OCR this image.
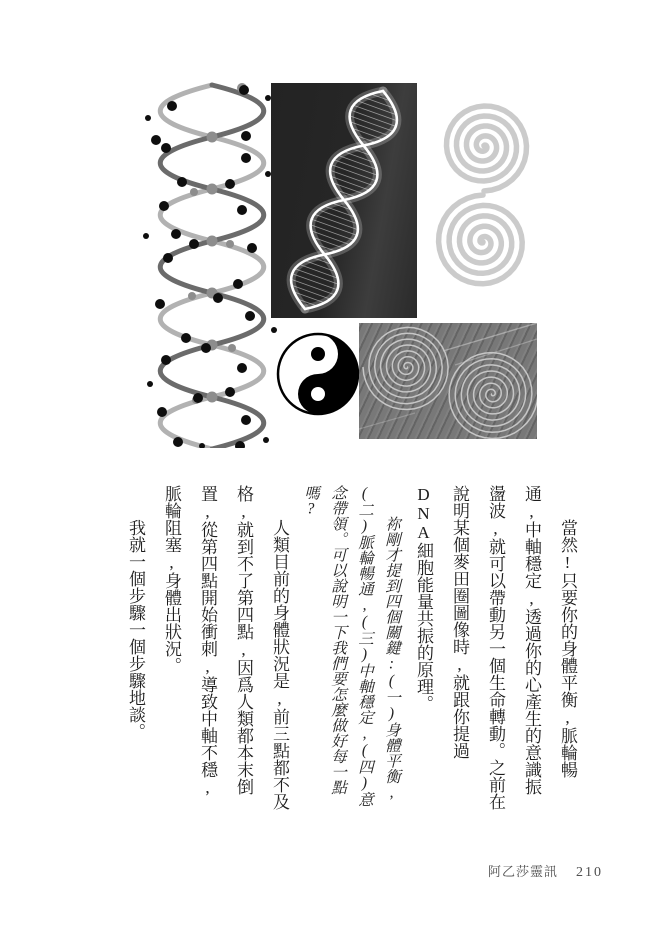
當然!只要你的身體平衡,脈輪暢通,中軸穩定,透過你的心產生的意識振盪波,就可以帶動另一個生命轉動。之前在說明某個麥田圈圖像時,就跟你提過DNA細胞能量共振的原理。

祢剛才提到四個關鍵:(一)身體平衡,(二)脈輪暢通,(三)中軸穩定,(四)意念帶領。可以說明一下我們要怎麼做好每一點嗎?

人類目前的身體狀況是,前三點都不及格,就到不了第四點,因爲人類都本末倒置,從第四點開始衝刺,導致中軸不穩,脈輪阻塞,身體出狀況。

我就一個步驟一個步驟地談。

阿乙莎靈訊 210
